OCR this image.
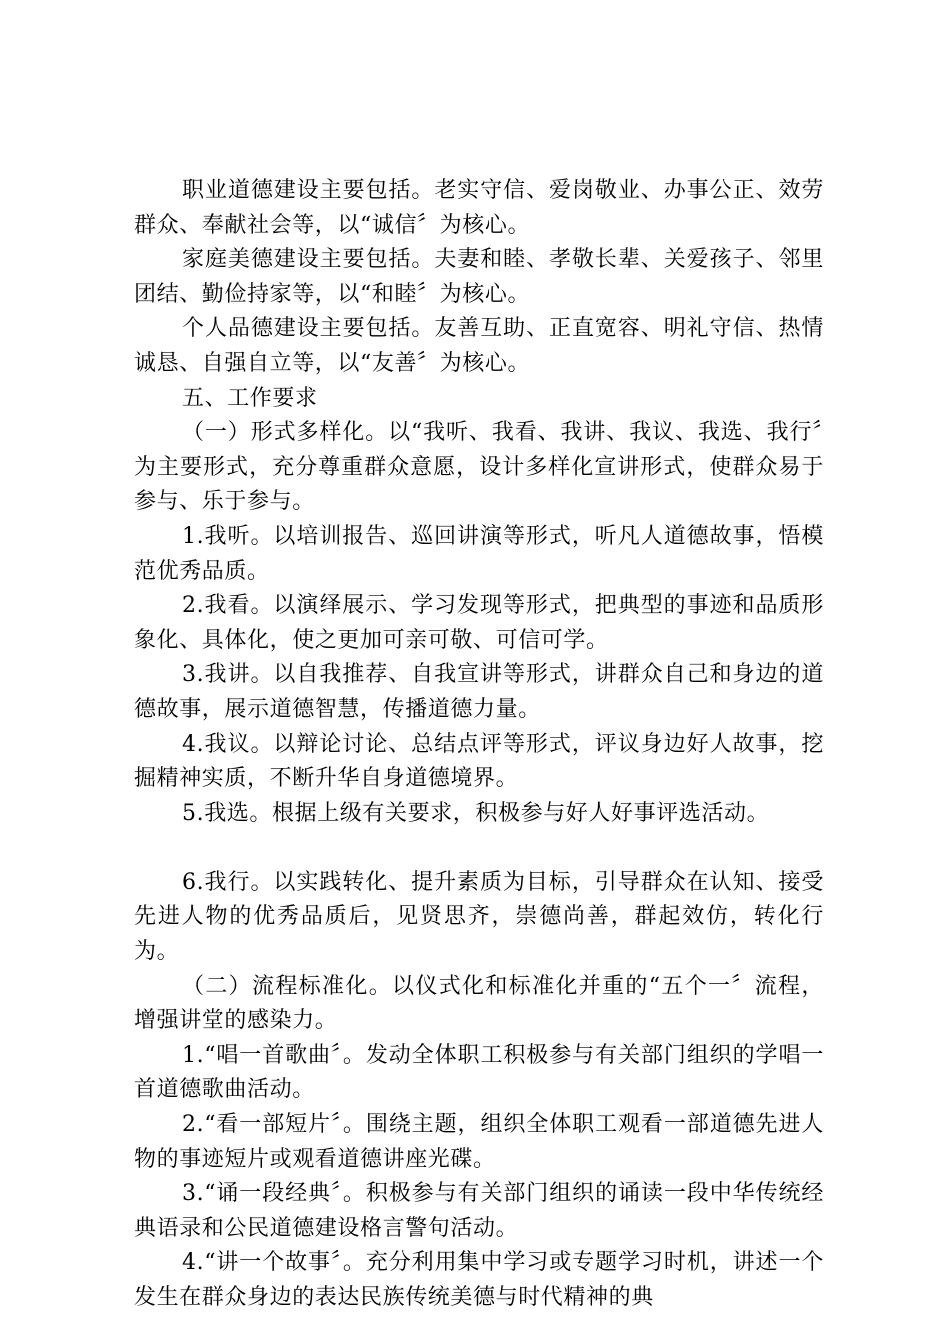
职业道德建设主要包括。老实守信、爱岗敬业、办事公正、效劳群众、奉献社会等，以“诚信〞为核心。

家庭美德建设主要包括。夫妻和睦、孝敬长辈、关爱孩子、邻里团结、勤俭持家等，以“和睦〞为核心。

个人品德建设主要包括。友善互助、正直宽容、明礼守信、热情诚恳、自强自立等，以“友善〞为核心。

五、工作要求

（一）形式多样化。以“我听、我看、我讲、我议、我选、我行〞为主要形式，充分尊重群众意愿，设计多样化宣讲形式，使群众易于参与、乐于参与。

1.我听。以培训报告、巡回讲演等形式，听凡人道德故事，悟模范优秀品质。

2.我看。以演绎展示、学习发现等形式，把典型的事迹和品质形象化、具体化，使之更加可亲可敬、可信可学。

3.我讲。以自我推荐、自我宣讲等形式，讲群众自己和身边的道德故事，展示道德智慧，传播道德力量。

4.我议。以辩论讨论、总结点评等形式，评议身边好人故事，挖掘精神实质，不断升华自身道德境界。

5.我选。根据上级有关要求，积极参与好人好事评选活动。

6.我行。以实践转化、提升素质为目标，引导群众在认知、接受先进人物的优秀品质后，见贤思齐，崇德尚善，群起效仿，转化行为。

（二）流程标准化。以仪式化和标准化并重的“五个一〞流程，增强讲堂的感染力。

1.“唱一首歌曲〞。发动全体职工积极参与有关部门组织的学唱一首道德歌曲活动。

2.“看一部短片〞。围绕主题，组织全体职工观看一部道德先进人物的事迹短片或观看道德讲座光碟。

3.“诵一段经典〞。积极参与有关部门组织的诵读一段中华传统经典语录和公民道德建设格言警句活动。

4.“讲一个故事〞。充分利用集中学习或专题学习时机，讲述一个发生在群众身边的表达民族传统美德与时代精神的典
